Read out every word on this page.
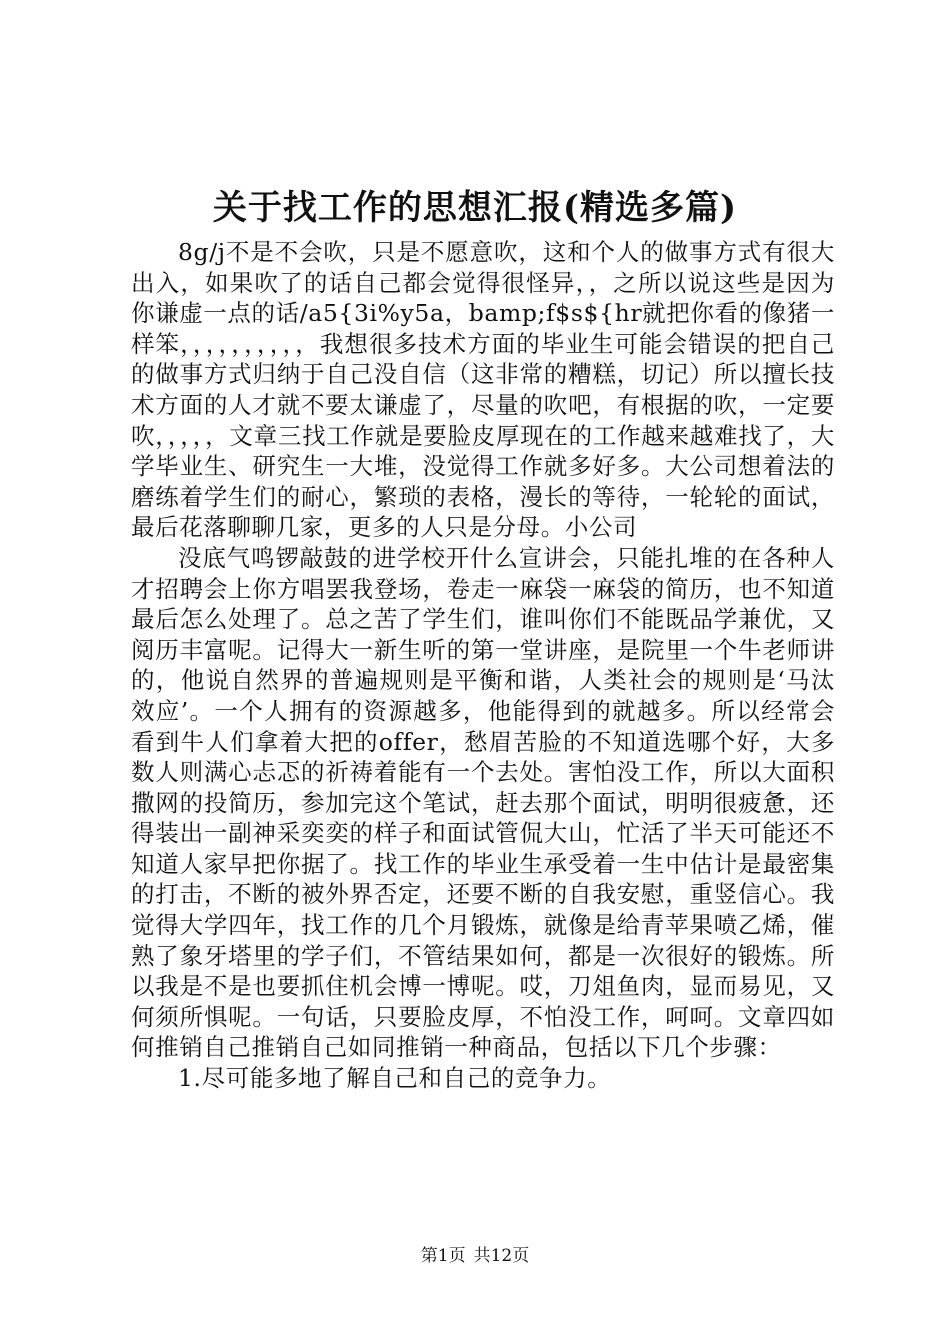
关于找工作的思想汇报(精选多篇)

8g/j不是不会吹，只是不愿意吹，这和个人的做事方式有很大出入，如果吹了的话自己都会觉得很怪异，，之所以说这些是因为你谦虚一点的话/a5{3i%y5a，bamp;f$s${hr就把你看的像猪一样笨，，，，，，，，，，我想很多技术方面的毕业生可能会错误的把自己的做事方式归纳于自己没自信（这非常的糟糕，切记）所以擅长技术方面的人才就不要太谦虚了，尽量的吹吧，有根据的吹，一定要吹，，，，，文章三找工作就是要脸皮厚现在的工作越来越难找了，大学毕业生、研究生一大堆，没觉得工作就多好多。大公司想着法的磨练着学生们的耐心，繁琐的表格，漫长的等待，一轮轮的面试，最后花落聊聊几家，更多的人只是分母。小公司

没底气鸣锣敲鼓的进学校开什么宣讲会，只能扎堆的在各种人才招聘会上你方唱罢我登场，卷走一麻袋一麻袋的简历，也不知道最后怎么处理了。总之苦了学生们，谁叫你们不能既品学兼优，又阅历丰富呢。记得大一新生听的第一堂讲座，是院里一个牛老师讲的，他说自然界的普遍规则是平衡和谐，人类社会的规则是‘马汰效应’。一个人拥有的资源越多，他能得到的就越多。所以经常会看到牛人们拿着大把的offer，愁眉苦脸的不知道选哪个好，大多数人则满心忐忑的祈祷着能有一个去处。害怕没工作，所以大面积撒网的投简历，参加完这个笔试，赶去那个面试，明明很疲惫，还得装出一副神采奕奕的样子和面试管侃大山，忙活了半天可能还不知道人家早把你据了。找工作的毕业生承受着一生中估计是最密集的打击，不断的被外界否定，还要不断的自我安慰，重竖信心。我觉得大学四年，找工作的几个月锻炼，就像是给青苹果喷乙烯，催熟了象牙塔里的学子们，不管结果如何，都是一次很好的锻炼。所以我是不是也要抓住机会博一博呢。哎，刀俎鱼肉，显而易见，又何须所惧呢。一句话，只要脸皮厚，不怕没工作，呵呵。文章四如何推销自己推销自己如同推销一种商品，包括以下几个步骤：

1.尽可能多地了解自己和自己的竞争力。

第1页 共12页
